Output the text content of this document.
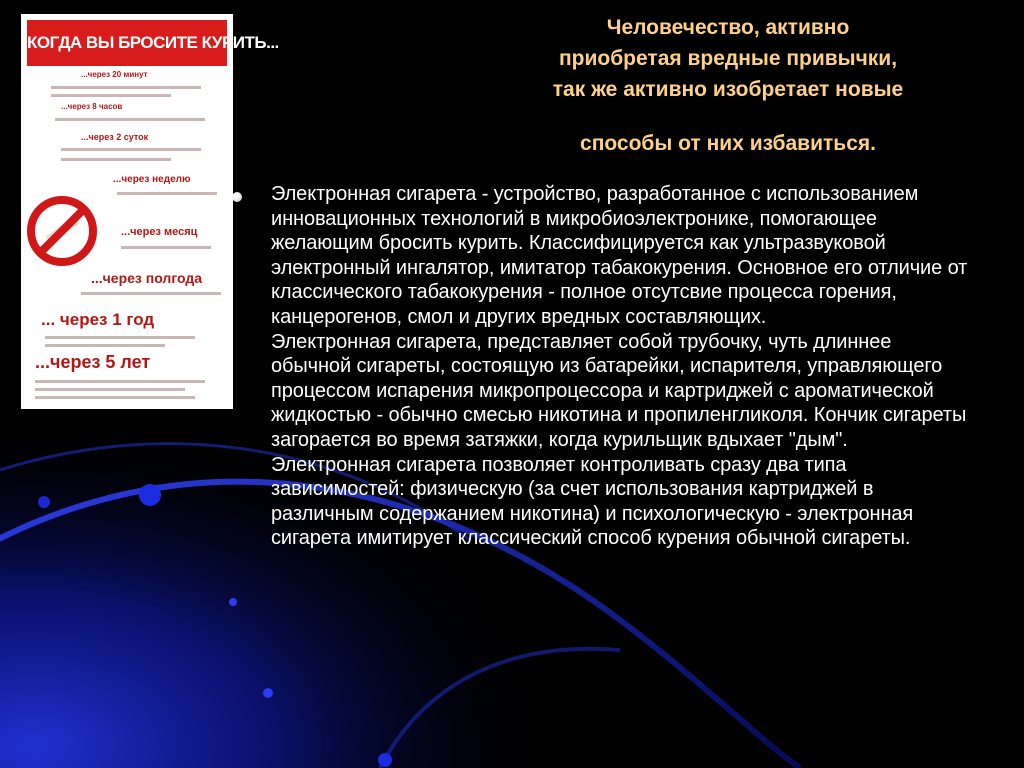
КОГДА ВЫ БРОСИТЕ КУРИТЬ...
...через 20 минут
...через 8 часов
...через 2 суток
...через неделю
...через месяц
...через полгода
... через 1 год
...через 5 лет
Человечество, активно
приобретая вредные привычки,
так же активно изобретает новые
способы от них избавиться.

Электронная сигарета - устройство, разработанное с использованием инновационных технологий в микробиоэлектронике, помогающее желающим бросить курить. Классифицируется как ультразвуковой электронный ингалятор, имитатор табакокурения. Основное его отличие от классического табакокурения - полное отсутсвие процесса горения, канцерогенов, смол и других вредных составляющих.

Электронная сигарета, представляет собой трубочку, чуть длиннее обычной сигареты, состоящую из батарейки, испарителя, управляющего процессом испарения микропроцессора и картриджей с ароматической жидкостью - обычно смесью никотина и пропиленгликоля. Кончик сигареты загорается во время затяжки, когда курильщик вдыхает "дым".

Электронная сигарета позволяет контроливать сразу два типа зависимостей: физическую (за счет использования картриджей в различным содержанием никотина) и психологическую - электронная сигарета имитирует классический способ курения обычной сигареты.
